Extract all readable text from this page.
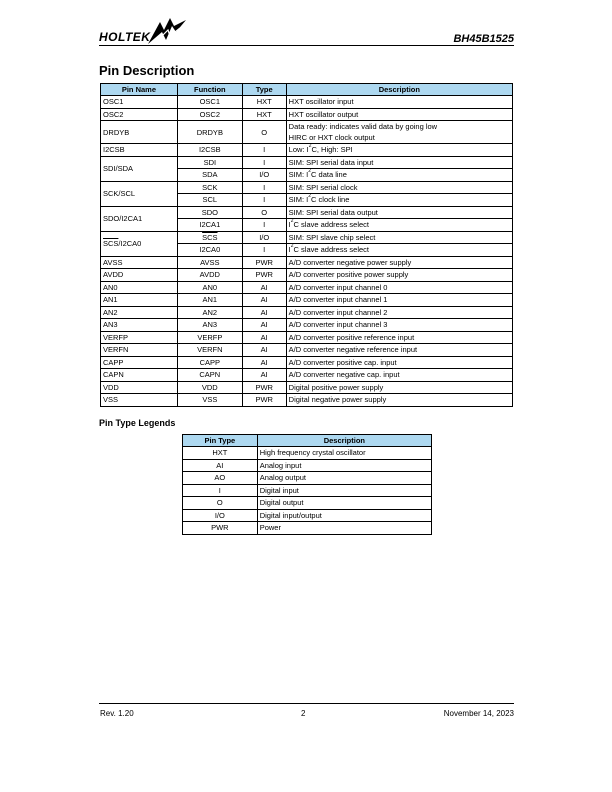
HOLTEK	BH45B1525
Pin Description
Pin Name	Function	Type	Description
OSC1	OSC1	HXT	HXT oscillator input
OSC2	OSC2	HXT	HXT oscillator output
DRDYB	DRDYB	O	Data ready: indicates valid data by going low
HIRC or HXT clock output

I2CSB	I2CSB	I	Low: $I^2C$, High: SPI
SDI/SDA	SDI	I	SIM: SPI serial data input
	SDA	I/O	SIM: $I^2C$ data line
SCK/SCL	SCK	I	SIM: SPI serial clock
	SCL	I	SIM: $I^2C$ clock line
SDO/I2CA1	SDO	O	SIM: SPI serial data output
	I2CA1	I	$I^2C$ slave address select
$\overline{SCS}/I2CA0$	$\overline{SCS}$	I/O	SIM: SPI slave chip select
	I2CA0	I	$I^2C$ slave address select
AVSS	AVSS	PWR	A/D converter negative power supply
AVDD	AVDD	PWR	A/D converter positive power supply
AN0	AN0	AI	A/D converter input channel 0
AN1	AN1	AI	A/D converter input channel 1
AN2	AN2	AI	A/D converter input channel 2
AN3	AN3	AI	A/D converter input channel 3
VERFP	VERFP	AI	A/D converter positive reference input
VERFN	VERFN	AI	A/D converter negative reference input
CAPP	CAPP	AI	A/D converter positive cap. input
CAPN	CAPN	AI	A/D converter negative cap. input
VDD	VDD	PWR	Digital positive power supply
VSS	VSS	PWR	Digital negative power supply
Pin Type Legends
Pin Type	Description
HXT	High frequency crystal oscillator
AI	Analog input
AO	Analog output
I	Digital input
O	Digital output
I/O	Digital input/output
PWR	Power
Rev. 1.20	2	November 14, 2023
